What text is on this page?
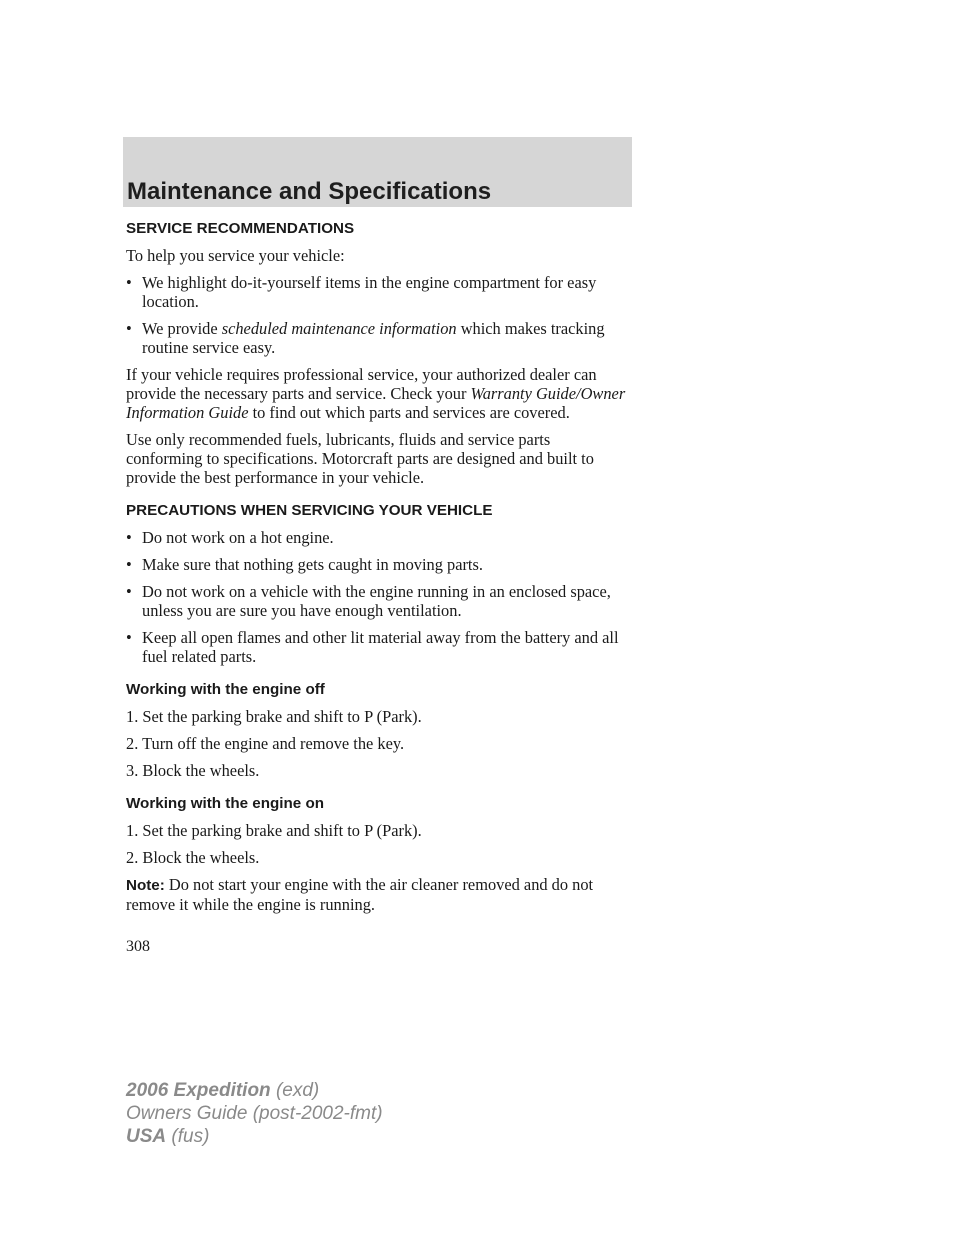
Maintenance and Specifications
SERVICE RECOMMENDATIONS
To help you service your vehicle:
• We highlight do-it-yourself items in the engine compartment for easy location.
• We provide scheduled maintenance information which makes tracking routine service easy.
If your vehicle requires professional service, your authorized dealer can provide the necessary parts and service. Check your Warranty Guide/Owner Information Guide to find out which parts and services are covered.
Use only recommended fuels, lubricants, fluids and service parts conforming to specifications. Motorcraft parts are designed and built to provide the best performance in your vehicle.
PRECAUTIONS WHEN SERVICING YOUR VEHICLE
• Do not work on a hot engine.
• Make sure that nothing gets caught in moving parts.
• Do not work on a vehicle with the engine running in an enclosed space, unless you are sure you have enough ventilation.
• Keep all open flames and other lit material away from the battery and all fuel related parts.
Working with the engine off
1. Set the parking brake and shift to P (Park).
2. Turn off the engine and remove the key.
3. Block the wheels.
Working with the engine on
1. Set the parking brake and shift to P (Park).
2. Block the wheels.
Note: Do not start your engine with the air cleaner removed and do not remove it while the engine is running.
308
2006 Expedition (exd)
Owners Guide (post-2002-fmt)
USA (fus)
